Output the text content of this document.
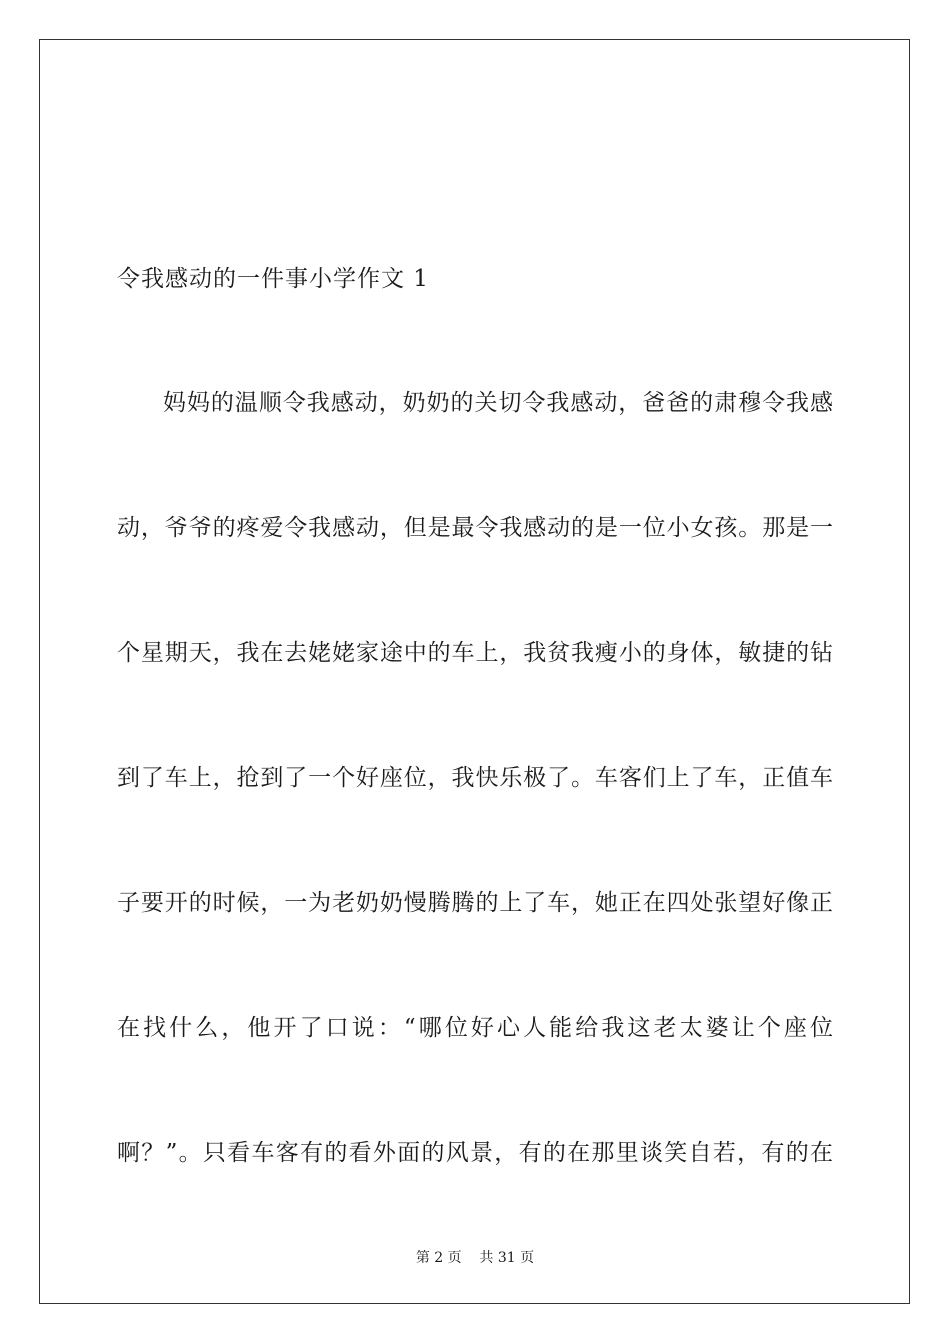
令我感动的一件事小学作文 1
妈妈的温顺令我感动，奶奶的关切令我感动，爸爸的肃穆令我感
动，爷爷的疼爱令我感动，但是最令我感动的是一位小女孩。那是一
个星期天，我在去姥姥家途中的车上，我贫我瘦小的身体，敏捷的钻
到了车上，抢到了一个好座位，我快乐极了。车客们上了车，正值车
子要开的时候，一为老奶奶慢腾腾的上了车，她正在四处张望好像正
在找什么，他开了口说：“哪位好心人能给我这老太婆让个座位
啊？”。只看车客有的看外面的风景，有的在那里谈笑自若，有的在
第 2 页    共 31 页
